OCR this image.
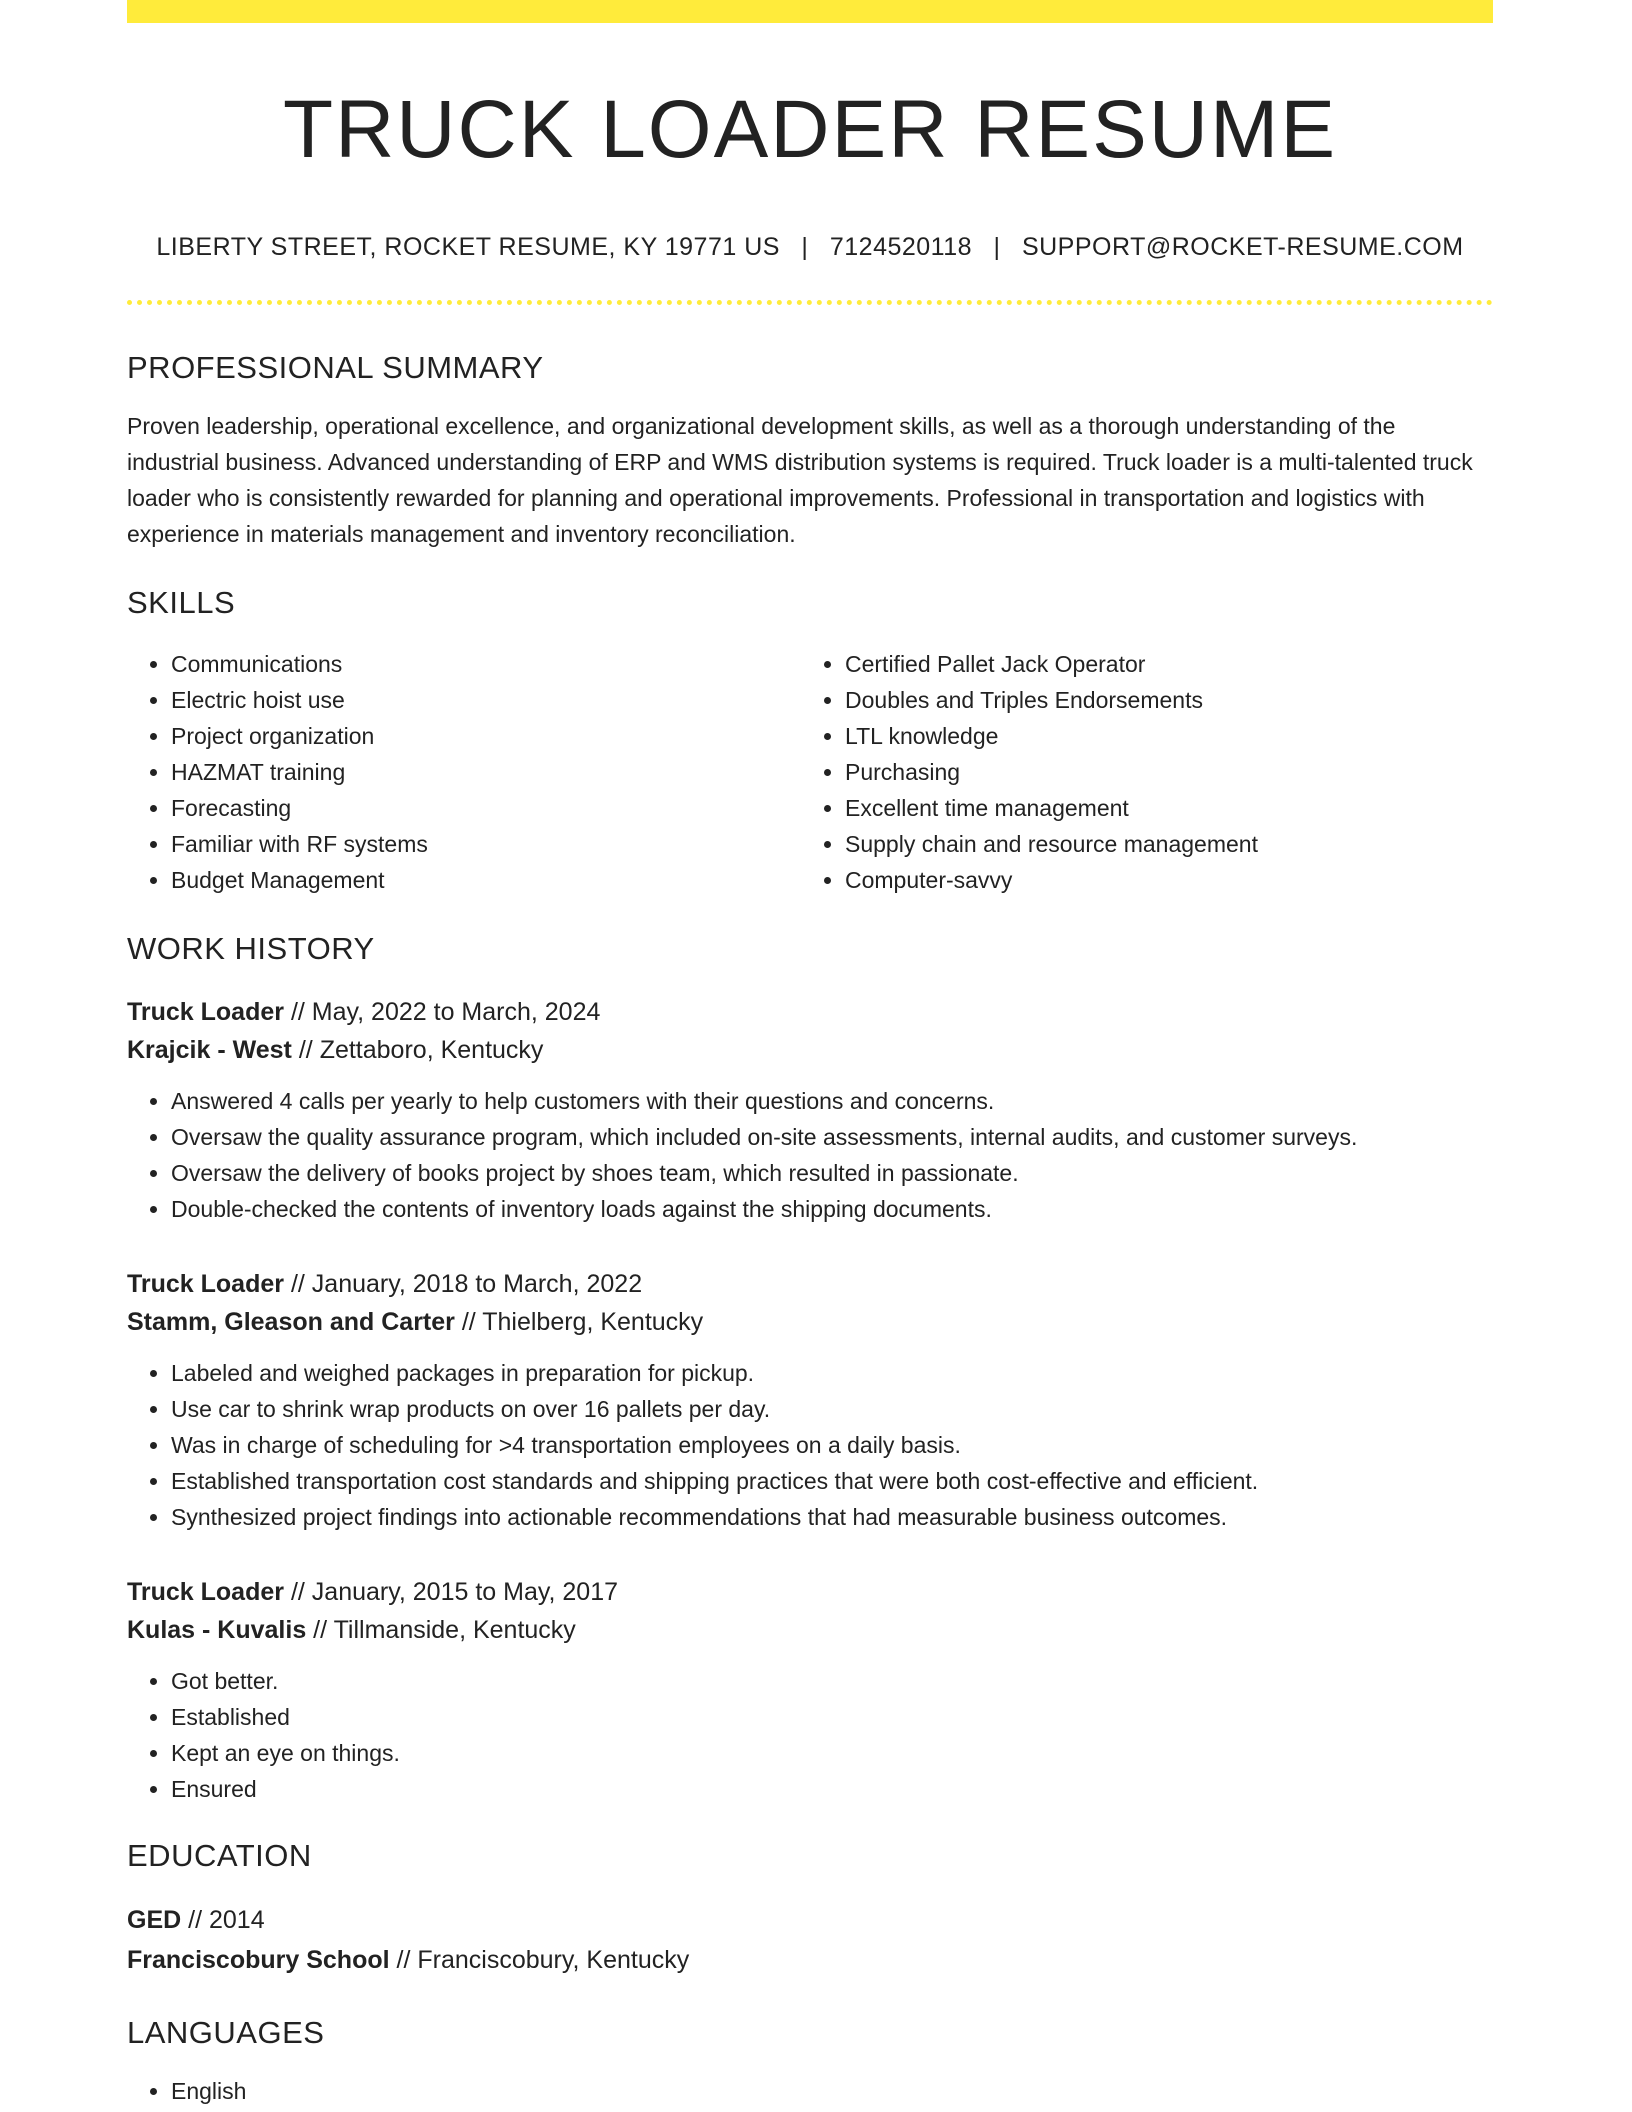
TRUCK LOADER RESUME
LIBERTY STREET, ROCKET RESUME, KY 19771 US | 7124520118 | SUPPORT@ROCKET-RESUME.COM
PROFESSIONAL SUMMARY

Proven leadership, operational excellence, and organizational development skills, as well as a thorough understanding of the industrial business. Advanced understanding of ERP and WMS distribution systems is required. Truck loader is a multi-talented truck loader who is consistently rewarded for planning and operational improvements. Professional in transportation and logistics with experience in materials management and inventory reconciliation.

SKILLS
• Communications
• Electric hoist use
• Project organization
• HAZMAT training
• Forecasting
• Familiar with RF systems
• Budget Management
• Certified Pallet Jack Operator
• Doubles and Triples Endorsements
• LTL knowledge
• Purchasing
• Excellent time management
• Supply chain and resource management
• Computer-savvy
WORK HISTORY
Truck Loader // May, 2022 to March, 2024
Krajcik - West // Zettaboro, Kentucky
• Answered 4 calls per yearly to help customers with their questions and concerns.
• Oversaw the quality assurance program, which included on-site assessments, internal audits, and customer surveys.
• Oversaw the delivery of books project by shoes team, which resulted in passionate.
• Double-checked the contents of inventory loads against the shipping documents.
Truck Loader // January, 2018 to March, 2022
Stamm, Gleason and Carter // Thielberg, Kentucky
• Labeled and weighed packages in preparation for pickup.
• Use car to shrink wrap products on over 16 pallets per day.
• Was in charge of scheduling for >4 transportation employees on a daily basis.
• Established transportation cost standards and shipping practices that were both cost-effective and efficient.
• Synthesized project findings into actionable recommendations that had measurable business outcomes.
Truck Loader // January, 2015 to May, 2017
Kulas - Kuvalis // Tillmanside, Kentucky
• Got better.
• Established
• Kept an eye on things.
• Ensured
EDUCATION
GED // 2014
Franciscobury School // Franciscobury, Kentucky
LANGUAGES
• English
